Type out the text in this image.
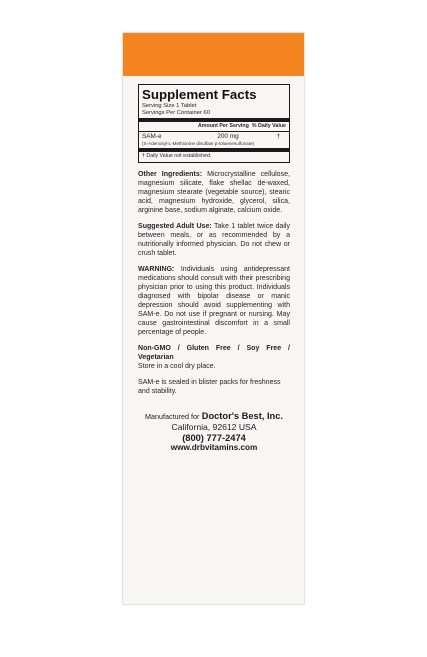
Supplement Facts
Serving Size 1 Tablet
Servings Per Container 60
Amount Per Serving % Daily Value
SAM-e	200 mg	†
(S-Adenosyl-L-Methionine disulfate p-toluenesulfonate)
† Daily Value not established.
Other Ingredients: Microcrystalline cellulose, magnesium silicate, flake shellac de-waxed, magnesium stearate (vegetable source), stearic acid, magnesium hydroxide, glycerol, silica, arginine base, sodium alginate, calcium oxide.
Suggested Adult Use: Take 1 tablet twice daily between meals, or as recommended by a nutritionally informed physician. Do not chew or crush tablet.
WARNING: Individuals using antidepressant medications should consult with their prescribing physician prior to using this product. Individuals diagnosed with bipolar disease or manic depression should avoid supplementing with SAM-e. Do not use if pregnant or nursing. May cause gastrointestinal discomfort in a small percentage of people.
Non-GMO / Gluten Free / Soy Free / Vegetarian
Store in a cool dry place.
SAM-e is sealed in blister packs for freshness and stability.
Manufactured for Doctor's Best, Inc.
California, 92612 USA
(800) 777-2474
www.drbvitamins.com
